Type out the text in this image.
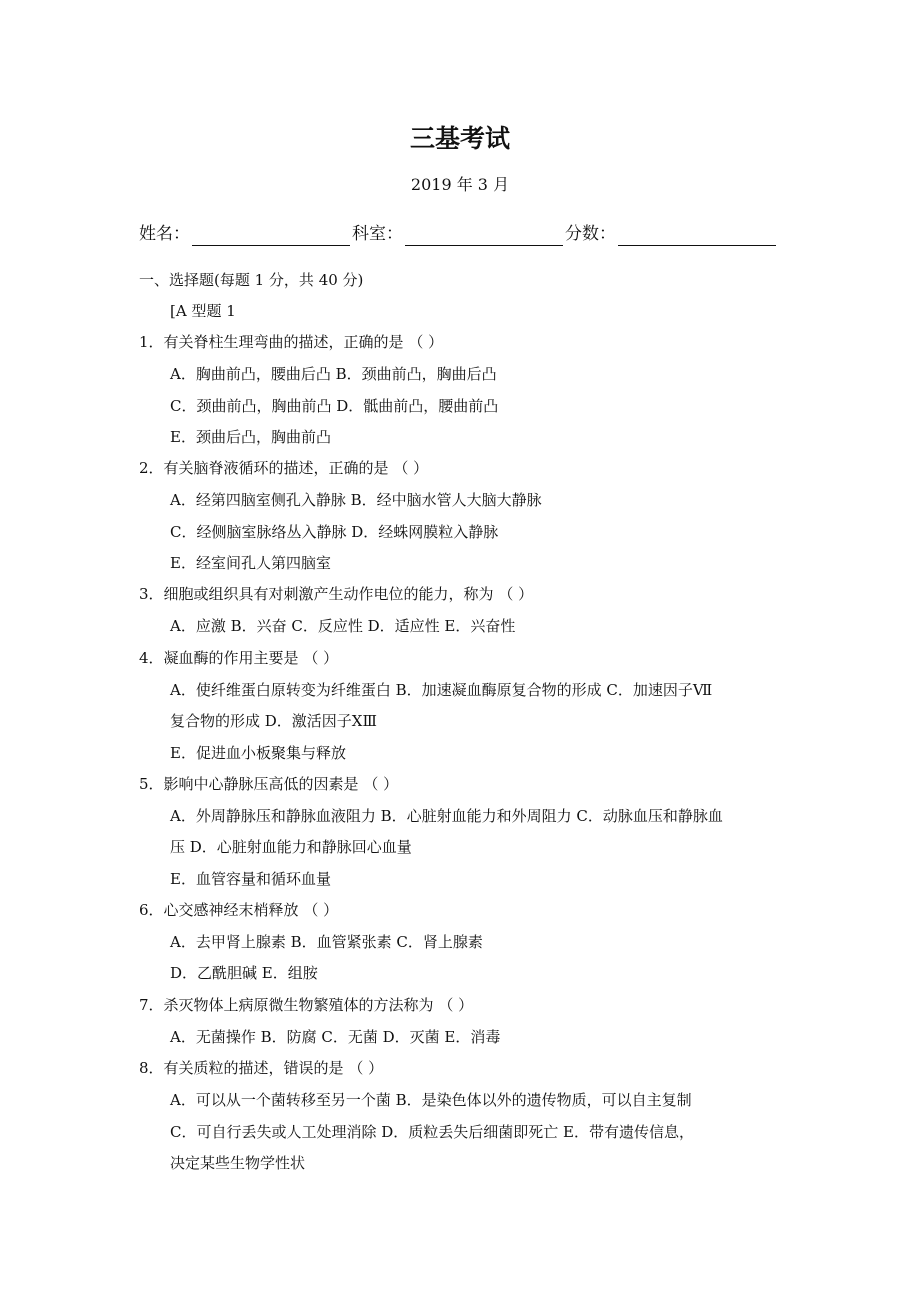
三基考试
2019 年 3 月
姓名：	科室：	分数：
一、选择题(每题 1 分，共 40 分)
[A 型题 1
1．有关脊柱生理弯曲的描述，正确的是 （ ）
A．胸曲前凸，腰曲后凸 B．颈曲前凸，胸曲后凸
C．颈曲前凸，胸曲前凸 D．骶曲前凸，腰曲前凸
E．颈曲后凸，胸曲前凸
2．有关脑脊液循环的描述，正确的是 （ ）
A．经第四脑室侧孔入静脉 B．经中脑水管人大脑大静脉
C．经侧脑室脉络丛入静脉 D．经蛛网膜粒入静脉
E．经室间孔人第四脑室
3．细胞或组织具有对刺激产生动作电位的能力，称为 （ ）
A．应激 B．兴奋 C．反应性 D．适应性 E．兴奋性
4．凝血酶的作用主要是 （ ）
A．使纤维蛋白原转变为纤维蛋白 B．加速凝血酶原复合物的形成 C．加速因子Ⅶ
复合物的形成 D．激活因子ⅩⅢ
E．促进血小板聚集与释放
5．影响中心静脉压高低的因素是 （ ）
A．外周静脉压和静脉血液阻力 B．心脏射血能力和外周阻力 C．动脉血压和静脉血
压 D．心脏射血能力和静脉回心血量
E．血管容量和循环血量
6．心交感神经末梢释放 （ ）
A．去甲肾上腺素 B．血管紧张素 C．肾上腺素
D．乙酰胆碱 E．组胺
7．杀灭物体上病原微生物繁殖体的方法称为 （ ）
A．无菌操作 B．防腐 C．无菌 D．灭菌 E．消毒
8．有关质粒的描述，错误的是 （ ）
A．可以从一个菌转移至另一个菌 B．是染色体以外的遗传物质，可以自主复制
C．可自行丢失或人工处理消除 D．质粒丢失后细菌即死亡 E．带有遗传信息，
决定某些生物学性状
